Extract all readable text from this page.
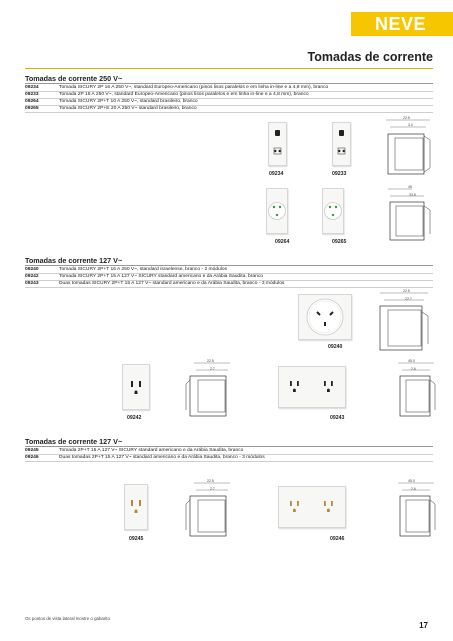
NEVE
Tomadas de corrente
Tomadas de corrente 250 V~
09234	Tomada SICURY 2P 16 A 250 V~, standard Europeo-Americano (pinos lisos paralelos e em linha in-line e a 4,8 mm), branco
09233	Tomada 2P 16 A 250 V~, standard Europeo-Americano (pinos lisos paralelos e em linha in-line e a 4,8 mm), branco
09264	Tomada SICURY 2P+T 10 A 250 V~, standard brasileiro, branco
09265	Tomada SICURY 2P+E 20 A 250 V~ standard brasileiro, branco
09234	09233
22.5
3.0
09264	09265
45
33.5
Tomadas de corrente 127 V~
09240	Tomada SICURY 2P+T 16 A 250 V~, standard israelense, branco - 2 módulos
09242	Tomada SICURY 2P+T 15 A 127 V~ SICURY standard americano e da Arábia Saudita, branco
09243	Duas tomadas SICURY 2P+T 15 A 127 V~ standard americano e da Arábia Saudita, branco - 3 módulos
09240
22.5
22.7
09242
22.5
2.7
09243
45.0
2.6
Tomadas de corrente 127 V~
09245	Tomada 2P+T 15 A 127 V~ SICURY standard americano e da Arábia Saudita, branco
09246	Duas tomadas 2P+T 15 A 127 V~ standard americano e da Arábia Saudita, branco - 3 módulos
09245
22.5
2.7
09246
45.0
2.6
Os pontos de vista lateral mostre o gabarito
17
